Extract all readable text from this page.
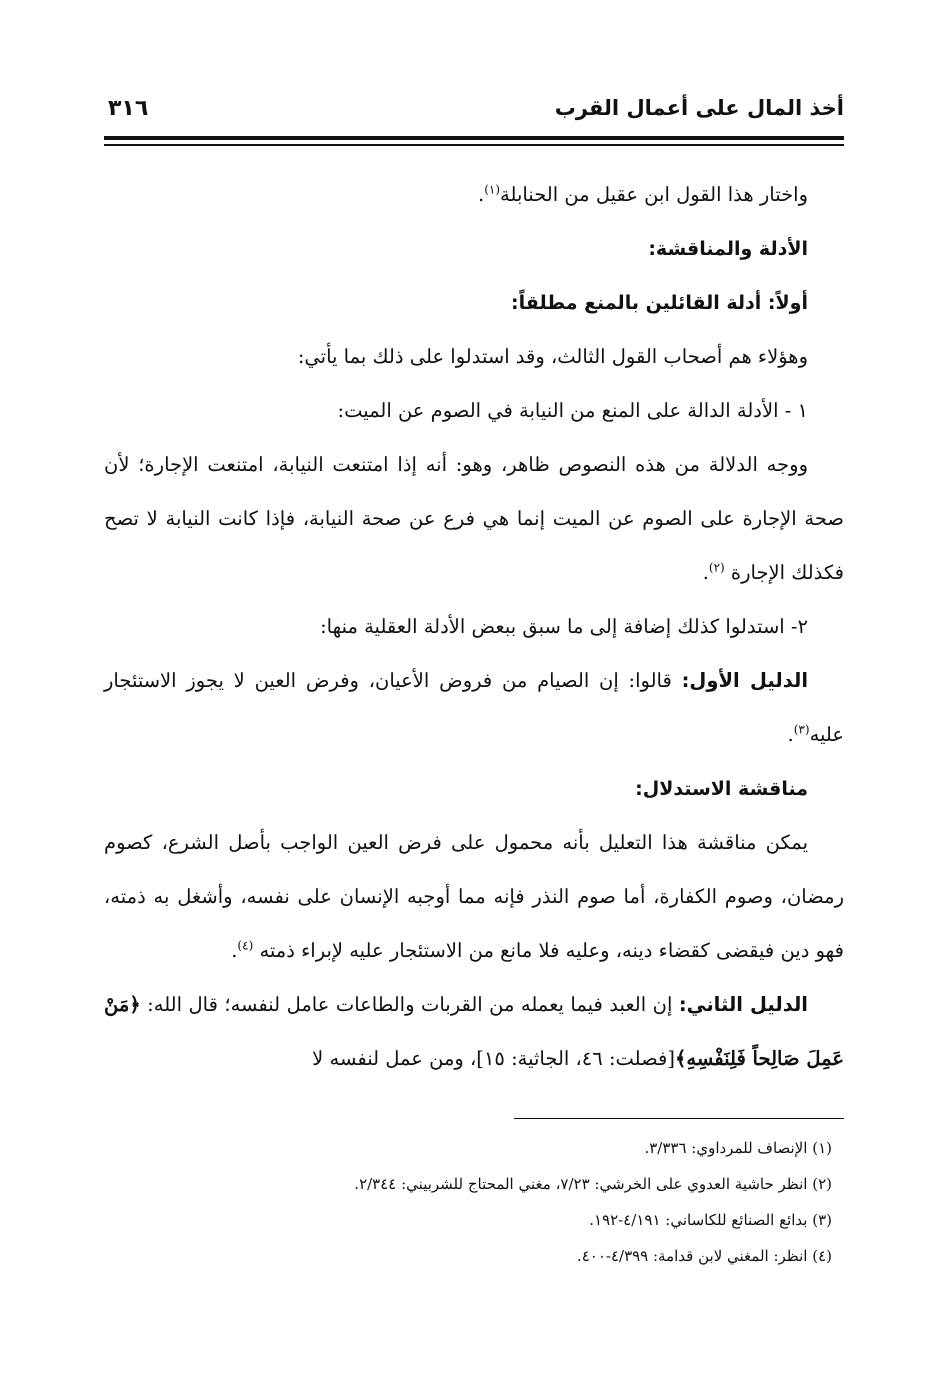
أخذ المال على أعمال القرب
٣١٦

واختار هذا القول ابن عقيل من الحنابلة$^{(١)}$.

الأدلة والمناقشة:

أولاً: أدلة القائلين بالمنع مطلقاً:

وهؤلاء هم أصحاب القول الثالث، وقد استدلوا على ذلك بما يأتي:

١ - الأدلة الدالة على المنع من النيابة في الصوم عن الميت:

ووجه الدلالة من هذه النصوص ظاهر، وهو: أنه إذا امتنعت النيابة، امتنعت الإجارة؛ لأن صحة الإجارة على الصوم عن الميت إنما هي فرع عن صحة النيابة، فإذا كانت النيابة لا تصح فكذلك الإجارة $^{(٢)}$.

٢- استدلوا كذلك إضافة إلى ما سبق ببعض الأدلة العقلية منها:

الدليل الأول: قالوا: إن الصيام من فروض الأعيان، وفرض العين لا يجوز الاستئجار عليه$^{(٣)}$.

مناقشة الاستدلال:

يمكن مناقشة هذا التعليل بأنه محمول على فرض العين الواجب بأصل الشرع، كصوم رمضان، وصوم الكفارة، أما صوم النذر فإنه مما أوجبه الإنسان على نفسه، وأشغل به ذمته، فهو دين فيقضى كقضاء دينه، وعليه فلا مانع من الاستئجار عليه لإبراء ذمته $^{(٤)}$.

الدليل الثاني: إن العبد فيما يعمله من القربات والطاعات عامل لنفسه؛ قال الله: ﴿مَنْ عَمِلَ صَالِحاً فَلِنَفْسِهِ﴾[فصلت: ٤٦، الجاثية: ١٥]، ومن عمل لنفسه لا

(١) الإنصاف للمرداوي: ٣/٣٣٦.

(٢) انظر حاشية العدوي على الخرشي: ٧/٢٣، مغني المحتاج للشربيني: ٢/٣٤٤.

(٣) بدائع الصنائع للكاساني: ٤/١٩١-١٩٢.

(٤) انظر: المغني لابن قدامة: ٤/٣٩٩-٤٠٠.
